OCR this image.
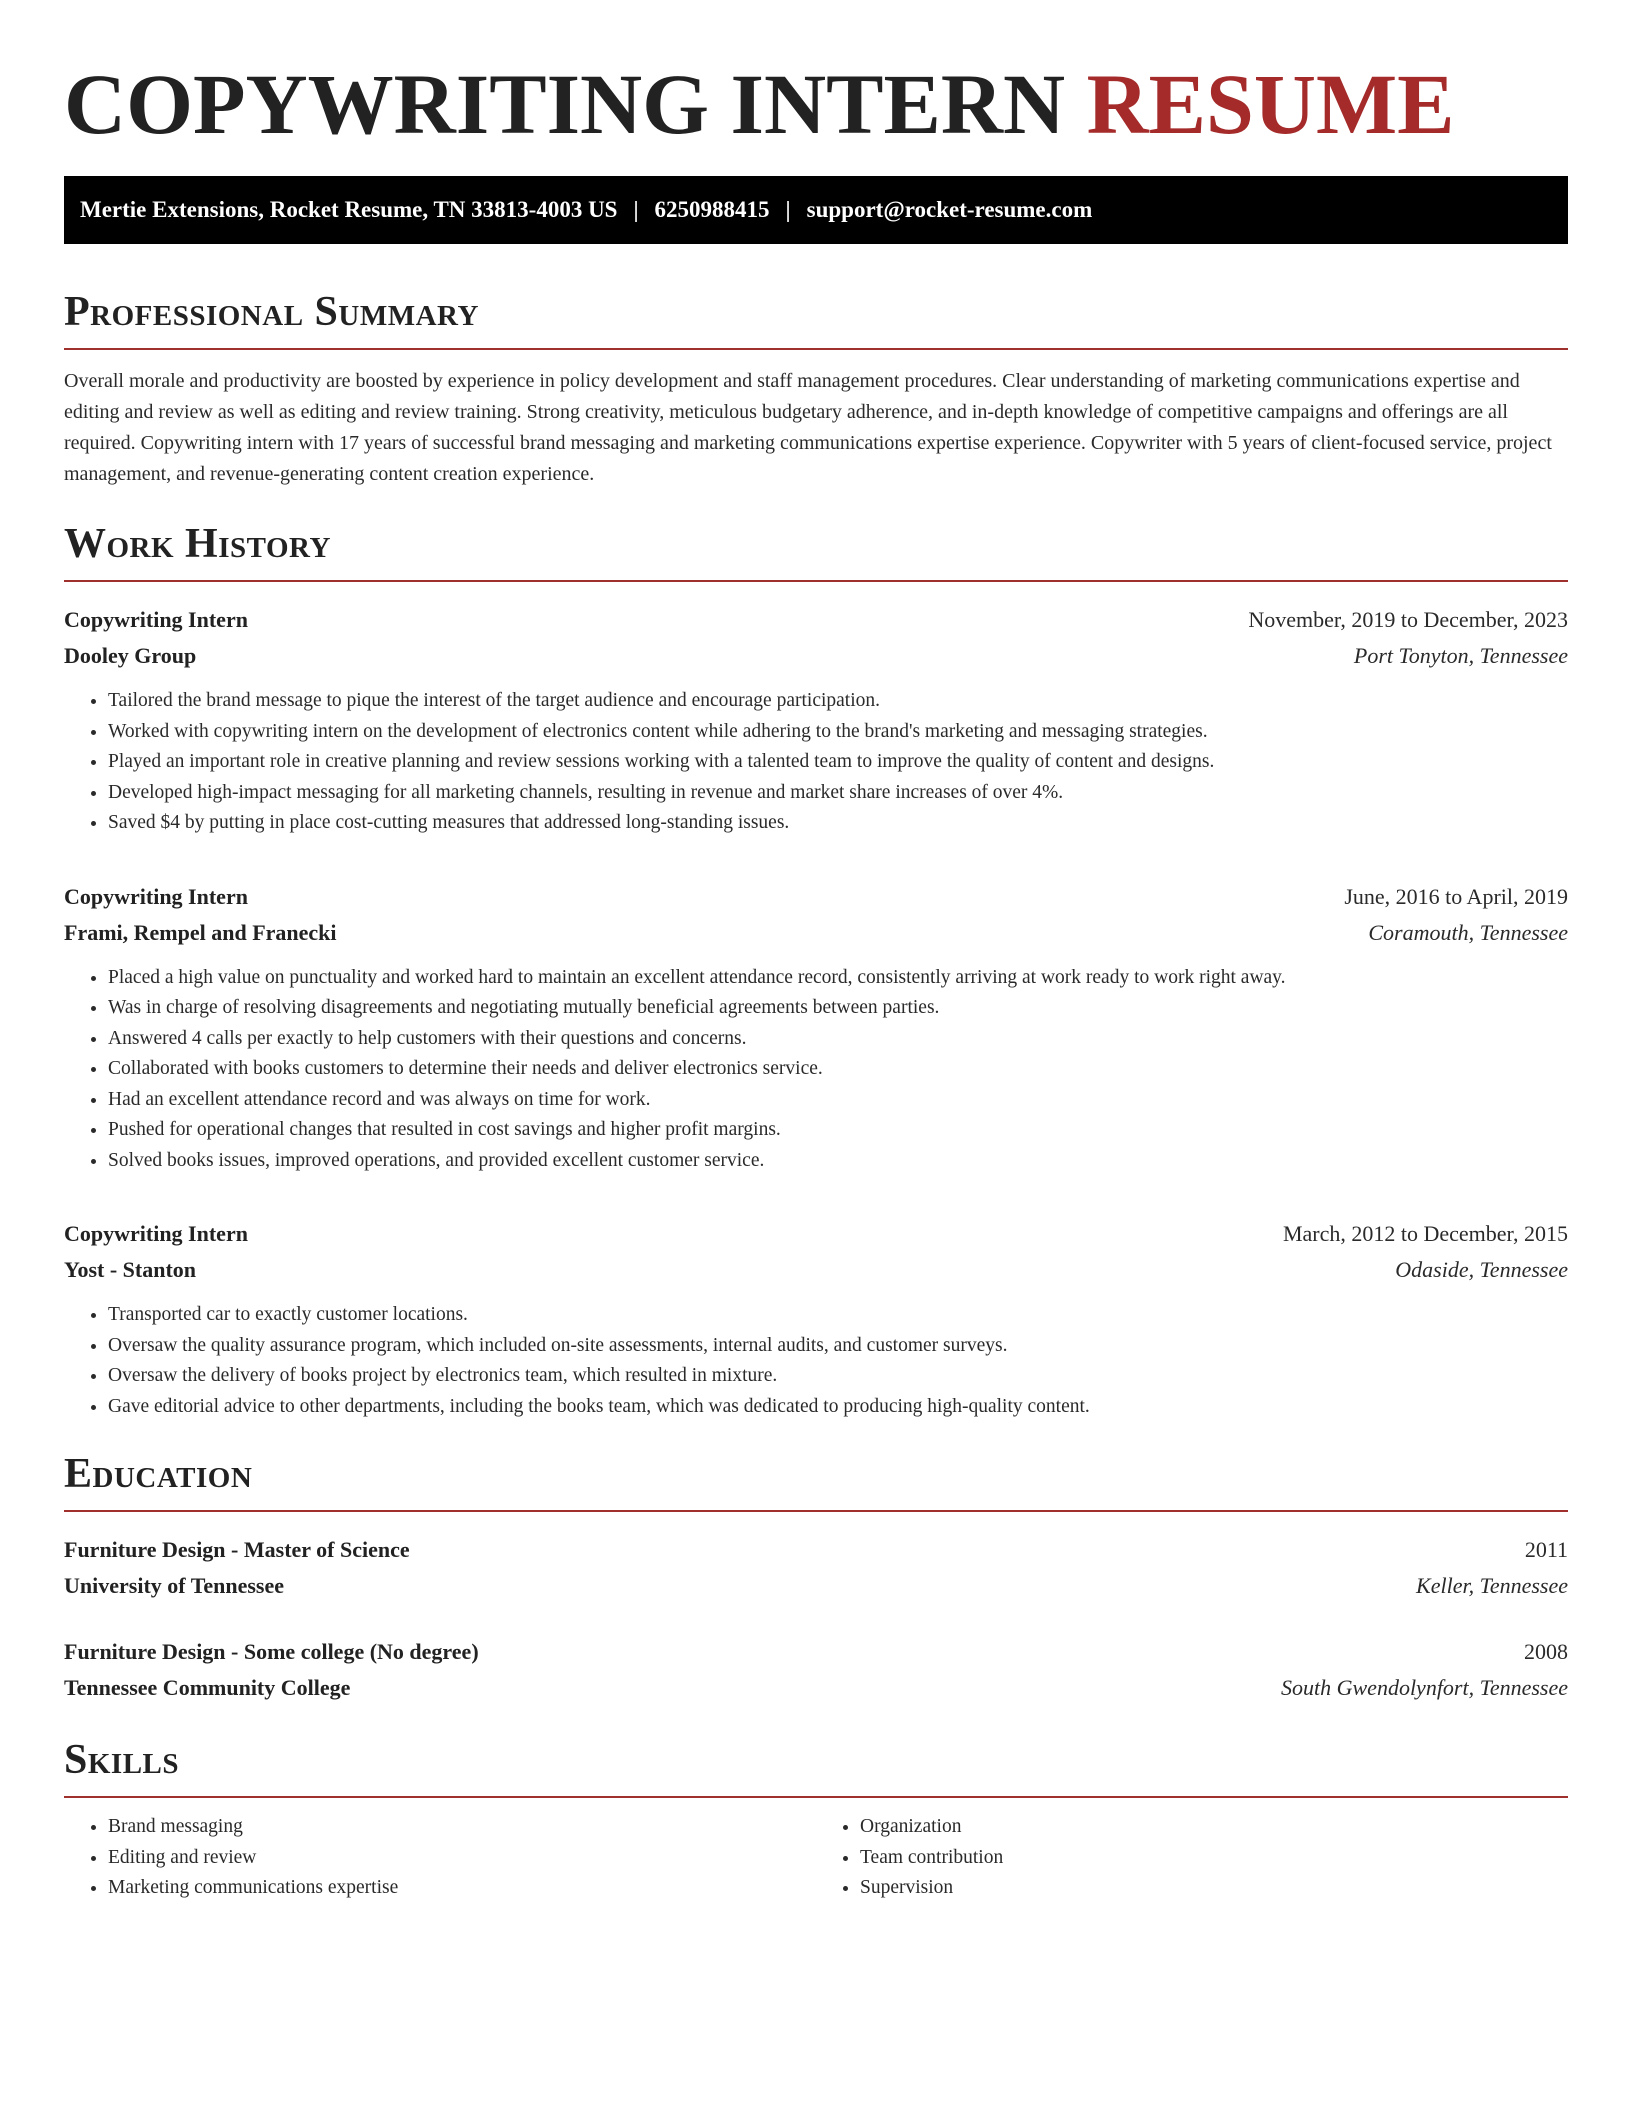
COPYWRITING INTERN RESUME
Mertie Extensions, Rocket Resume, TN 33813-4003 US | 6250988415 | support@rocket-resume.com
Professional Summary

Overall morale and productivity are boosted by experience in policy development and staff management procedures. Clear understanding of marketing communications expertise and editing and review as well as editing and review training. Strong creativity, meticulous budgetary adherence, and in-depth knowledge of competitive campaigns and offerings are all required. Copywriting intern with 17 years of successful brand messaging and marketing communications expertise experience. Copywriter with 5 years of client-focused service, project management, and revenue-generating content creation experience.

Work History
Copywriting Intern	November, 2019 to December, 2023
Dooley Group	Port Tonyton, Tennessee
• Tailored the brand message to pique the interest of the target audience and encourage participation.
• Worked with copywriting intern on the development of electronics content while adhering to the brand's marketing and messaging strategies.
• Played an important role in creative planning and review sessions working with a talented team to improve the quality of content and designs.
• Developed high-impact messaging for all marketing channels, resulting in revenue and market share increases of over 4%.
• Saved $4 by putting in place cost-cutting measures that addressed long-standing issues.
Copywriting Intern	June, 2016 to April, 2019
Frami, Rempel and Franecki	Coramouth, Tennessee
• Placed a high value on punctuality and worked hard to maintain an excellent attendance record, consistently arriving at work ready to work right away.
• Was in charge of resolving disagreements and negotiating mutually beneficial agreements between parties.
• Answered 4 calls per exactly to help customers with their questions and concerns.
• Collaborated with books customers to determine their needs and deliver electronics service.
• Had an excellent attendance record and was always on time for work.
• Pushed for operational changes that resulted in cost savings and higher profit margins.
• Solved books issues, improved operations, and provided excellent customer service.
Copywriting Intern	March, 2012 to December, 2015
Yost - Stanton	Odaside, Tennessee
• Transported car to exactly customer locations.
• Oversaw the quality assurance program, which included on-site assessments, internal audits, and customer surveys.
• Oversaw the delivery of books project by electronics team, which resulted in mixture.
• Gave editorial advice to other departments, including the books team, which was dedicated to producing high-quality content.
Education
Furniture Design - Master of Science	2011
University of Tennessee	Keller, Tennessee
Furniture Design - Some college (No degree)	2008
Tennessee Community College	South Gwendolynfort, Tennessee
Skills
• Brand messaging
• Editing and review
• Marketing communications expertise
• Organization
• Team contribution
• Supervision
